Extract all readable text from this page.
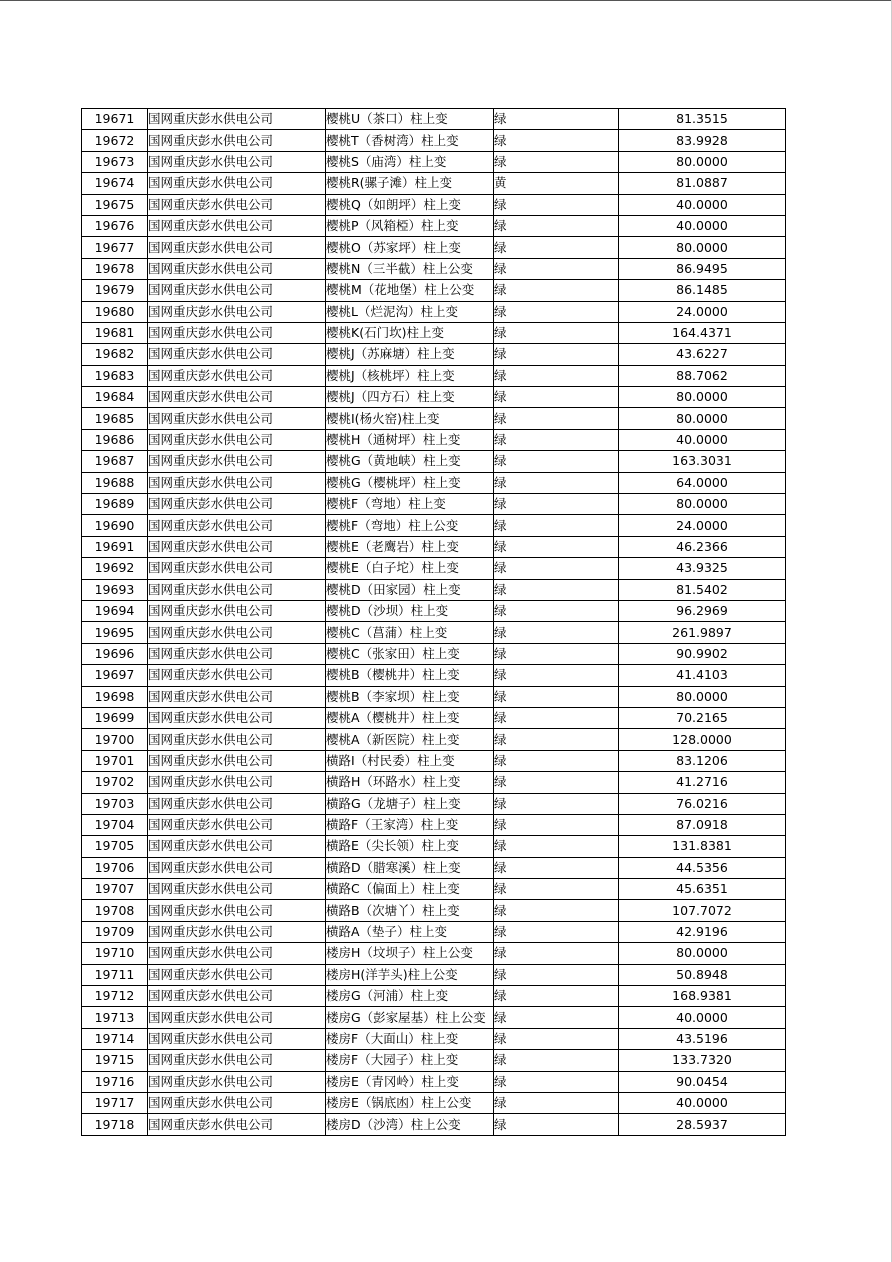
19671	国网重庆彭水供电公司	樱桃U（茶口）柱上变	绿	81.3515
19672	国网重庆彭水供电公司	樱桃T（香树湾）柱上变	绿	83.9928
19673	国网重庆彭水供电公司	樱桃S（庙湾）柱上变	绿	80.0000
19674	国网重庆彭水供电公司	樱桃R(骡子滩）柱上变	黄	81.0887
19675	国网重庆彭水供电公司	樱桃Q（如朗坪）柱上变	绿	40.0000
19676	国网重庆彭水供电公司	樱桃P（风箱椏）柱上变	绿	40.0000
19677	国网重庆彭水供电公司	樱桃O（苏家坪）柱上变	绿	80.0000
19678	国网重庆彭水供电公司	樱桃N（三半截）柱上公变	绿	86.9495
19679	国网重庆彭水供电公司	樱桃M（花地堡）柱上公变	绿	86.1485
19680	国网重庆彭水供电公司	樱桃L（烂泥沟）柱上变	绿	24.0000
19681	国网重庆彭水供电公司	樱桃K(石门坎)柱上变	绿	164.4371
19682	国网重庆彭水供电公司	樱桃J（苏麻塘）柱上变	绿	43.6227
19683	国网重庆彭水供电公司	樱桃J（核桃坪）柱上变	绿	88.7062
19684	国网重庆彭水供电公司	樱桃J（四方石）柱上变	绿	80.0000
19685	国网重庆彭水供电公司	樱桃I(杨火窑)柱上变	绿	80.0000
19686	国网重庆彭水供电公司	樱桃H（通树坪）柱上变	绿	40.0000
19687	国网重庆彭水供电公司	樱桃G（黄地峡）柱上变	绿	163.3031
19688	国网重庆彭水供电公司	樱桃G（樱桃坪）柱上变	绿	64.0000
19689	国网重庆彭水供电公司	樱桃F（弯地）柱上变	绿	80.0000
19690	国网重庆彭水供电公司	樱桃F（弯地）柱上公变	绿	24.0000
19691	国网重庆彭水供电公司	樱桃E（老鹰岩）柱上变	绿	46.2366
19692	国网重庆彭水供电公司	樱桃E（白子坨）柱上变	绿	43.9325
19693	国网重庆彭水供电公司	樱桃D（田家园）柱上变	绿	81.5402
19694	国网重庆彭水供电公司	樱桃D（沙坝）柱上变	绿	96.2969
19695	国网重庆彭水供电公司	樱桃C（菖蒲）柱上变	绿	261.9897
19696	国网重庆彭水供电公司	樱桃C（张家田）柱上变	绿	90.9902
19697	国网重庆彭水供电公司	樱桃B（樱桃井）柱上变	绿	41.4103
19698	国网重庆彭水供电公司	樱桃B（李家坝）柱上变	绿	80.0000
19699	国网重庆彭水供电公司	樱桃A（樱桃井）柱上变	绿	70.2165
19700	国网重庆彭水供电公司	樱桃A（新医院）柱上变	绿	128.0000
19701	国网重庆彭水供电公司	横路I（村民委）柱上变	绿	83.1206
19702	国网重庆彭水供电公司	横路H（环路水）柱上变	绿	41.2716
19703	国网重庆彭水供电公司	横路G（龙塘子）柱上变	绿	76.0216
19704	国网重庆彭水供电公司	横路F（王家湾）柱上变	绿	87.0918
19705	国网重庆彭水供电公司	横路E（尖长领）柱上变	绿	131.8381
19706	国网重庆彭水供电公司	横路D（腊寒溪）柱上变	绿	44.5356
19707	国网重庆彭水供电公司	横路C（偏面上）柱上变	绿	45.6351
19708	国网重庆彭水供电公司	横路B（次塘丫）柱上变	绿	107.7072
19709	国网重庆彭水供电公司	横路A（垫子）柱上变	绿	42.9196
19710	国网重庆彭水供电公司	楼房H（坟坝子）柱上公变	绿	80.0000
19711	国网重庆彭水供电公司	楼房H(洋芋头)柱上公变	绿	50.8948
19712	国网重庆彭水供电公司	楼房G（河浦）柱上变	绿	168.9381
19713	国网重庆彭水供电公司	楼房G（彭家屋基）柱上公变	绿	40.0000
19714	国网重庆彭水供电公司	楼房F（大面山）柱上变	绿	43.5196
19715	国网重庆彭水供电公司	楼房F（大园子）柱上变	绿	133.7320
19716	国网重庆彭水供电公司	楼房E（青冈岭）柱上变	绿	90.0454
19717	国网重庆彭水供电公司	楼房E（锅底凼）柱上公变	绿	40.0000
19718	国网重庆彭水供电公司	楼房D（沙湾）柱上公变	绿	28.5937
